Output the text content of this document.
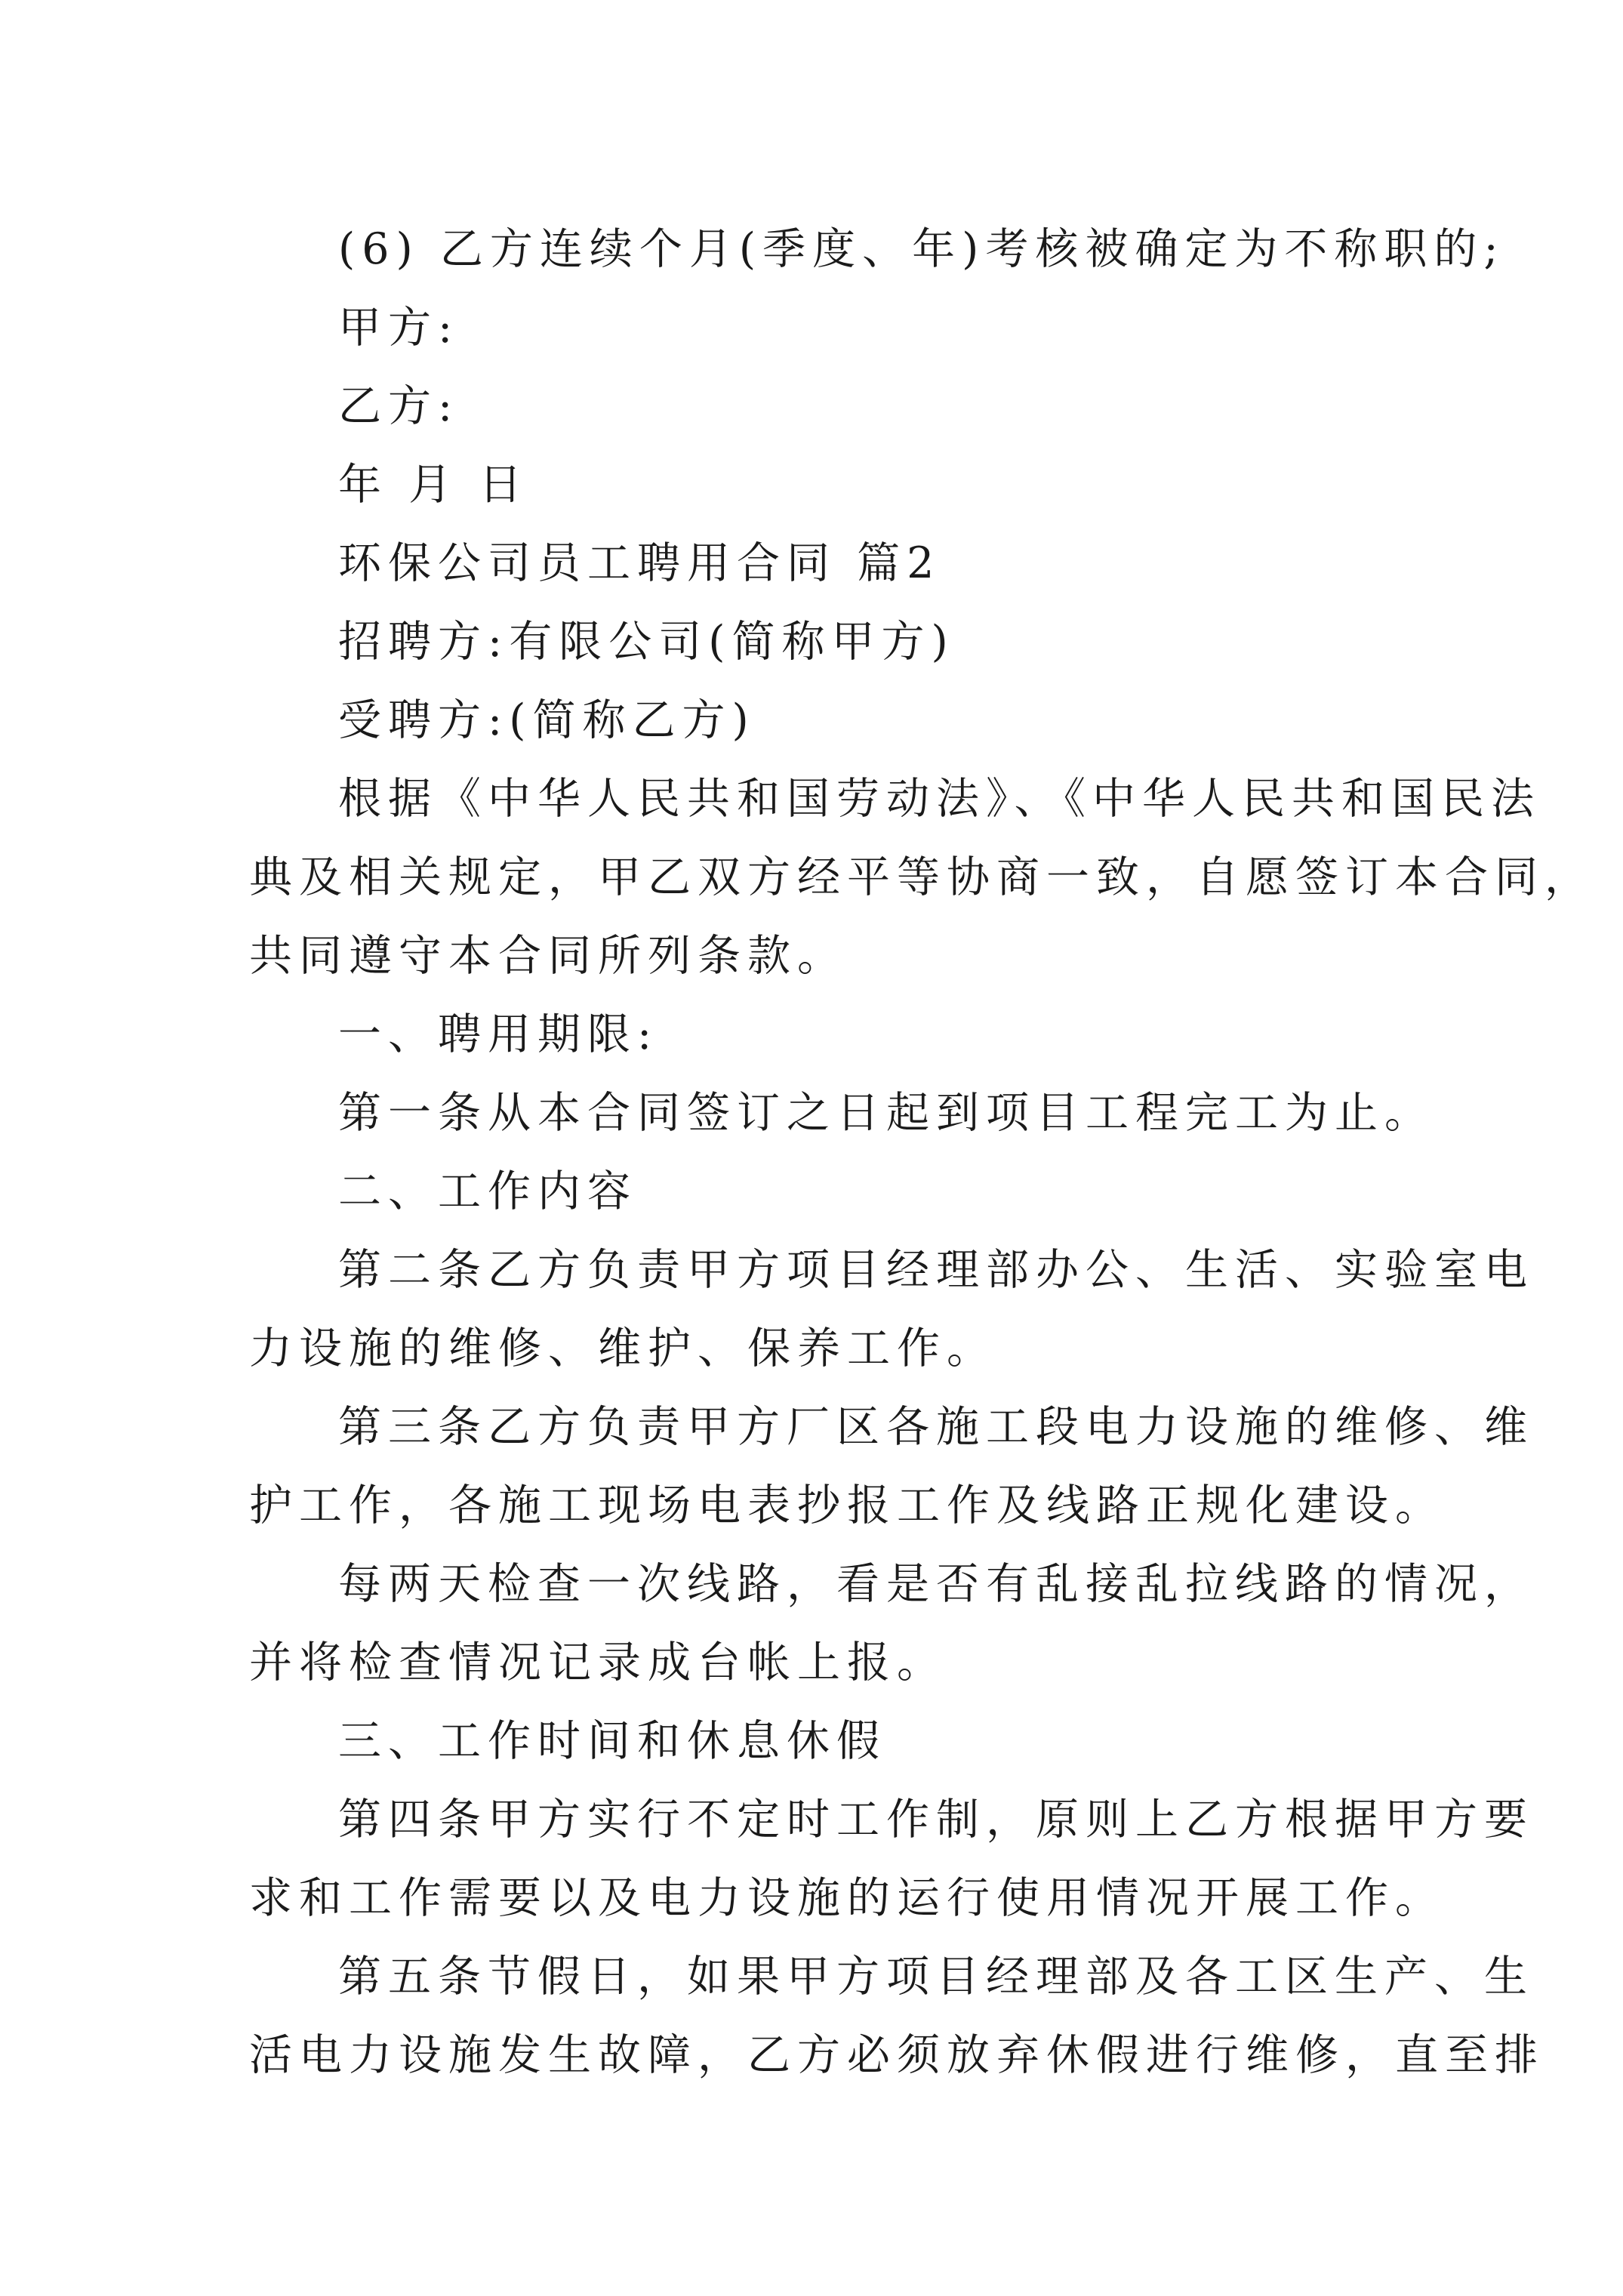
(6) 乙方连续个月(季度、年)考核被确定为不称职的;
甲方:
乙方:
年 月 日
环保公司员工聘用合同 篇2
招聘方:有限公司(简称甲方)
受聘方:(简称乙方)
根据《中华人民共和国劳动法》、《中华人民共和国民法
典及相关规定，甲乙双方经平等协商一致，自愿签订本合同，
共同遵守本合同所列条款。
一、聘用期限:
第一条从本合同签订之日起到项目工程完工为止。
二、工作内容
第二条乙方负责甲方项目经理部办公、生活、实验室电
力设施的维修、维护、保养工作。
第三条乙方负责甲方厂区各施工段电力设施的维修、维
护工作，各施工现场电表抄报工作及线路正规化建设。
每两天检查一次线路，看是否有乱接乱拉线路的情况，
并将检查情况记录成台帐上报。
三、工作时间和休息休假
第四条甲方实行不定时工作制，原则上乙方根据甲方要
求和工作需要以及电力设施的运行使用情况开展工作。
第五条节假日，如果甲方项目经理部及各工区生产、生
活电力设施发生故障，乙方必须放弃休假进行维修，直至排
